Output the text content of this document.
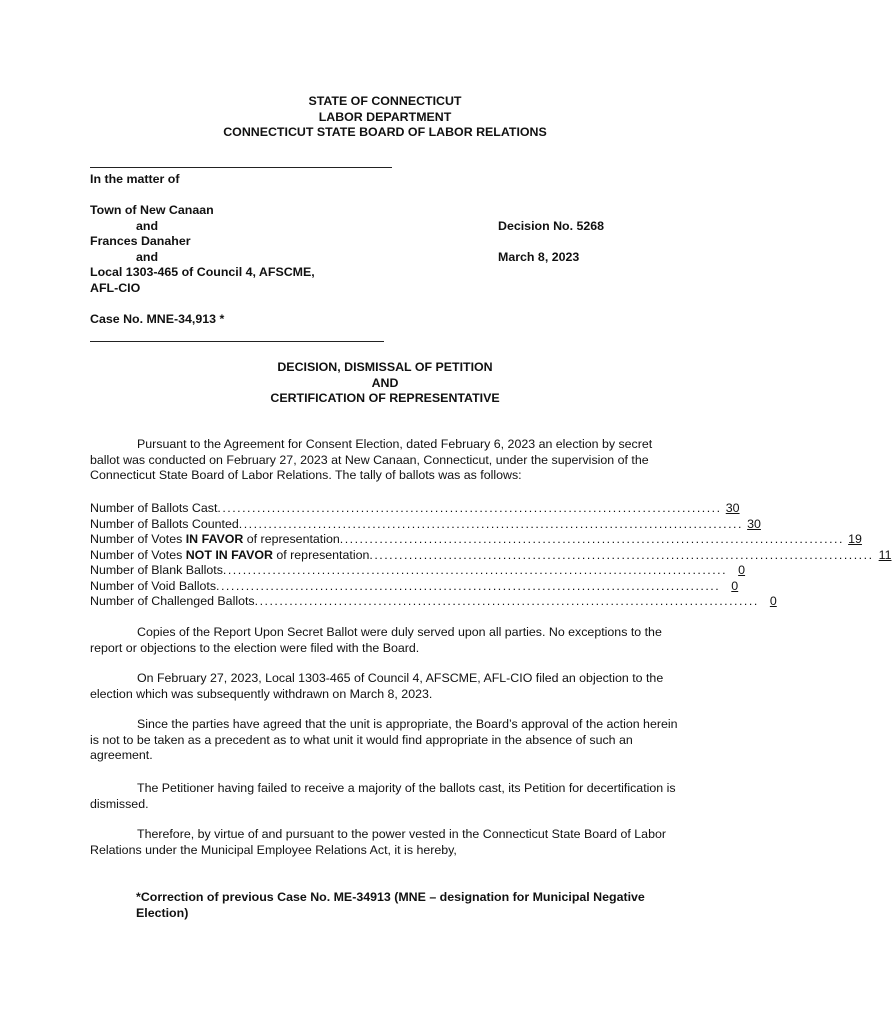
STATE OF CONNECTICUT
LABOR DEPARTMENT
CONNECTICUT STATE BOARD OF LABOR RELATIONS
In the matter of
Town of New Canaan
and
Frances Danaher
and
Local 1303-465 of Council 4, AFSCME,
AFL-CIO
Decision No. 5268
March 8, 2023
Case No. MNE-34,913 *
DECISION, DISMISSAL OF PETITION
AND
CERTIFICATION OF REPRESENTATIVE
Pursuant to the Agreement for Consent Election, dated February 6, 2023 an election by secret ballot was conducted on February 27, 2023 at New Canaan, Connecticut, under the supervision of the Connecticut State Board of Labor Relations. The tally of ballots was as follows:
Number of Ballots Cast ...................................................................................................... 30
Number of Ballots Counted ...................................................................................................... 30
Number of Votes IN FAVOR of representation ...................................................................................................... 19
Number of Votes NOT IN FAVOR of representation ...................................................................................................... 11
Number of Blank Ballots ...................................................................................................... 0
Number of Void Ballots ...................................................................................................... 0
Number of Challenged Ballots ...................................................................................................... 0
Copies of the Report Upon Secret Ballot were duly served upon all parties. No exceptions to the report or objections to the election were filed with the Board.
On February 27, 2023, Local 1303-465 of Council 4, AFSCME, AFL-CIO filed an objection to the election which was subsequently withdrawn on March 8, 2023.
Since the parties have agreed that the unit is appropriate, the Board’s approval of the action herein is not to be taken as a precedent as to what unit it would find appropriate in the absence of such an agreement.
The Petitioner having failed to receive a majority of the ballots cast, its Petition for decertification is dismissed.
Therefore, by virtue of and pursuant to the power vested in the Connecticut State Board of Labor Relations under the Municipal Employee Relations Act, it is hereby,
*Correction of previous Case No. ME-34913 (MNE – designation for Municipal Negative Election)
